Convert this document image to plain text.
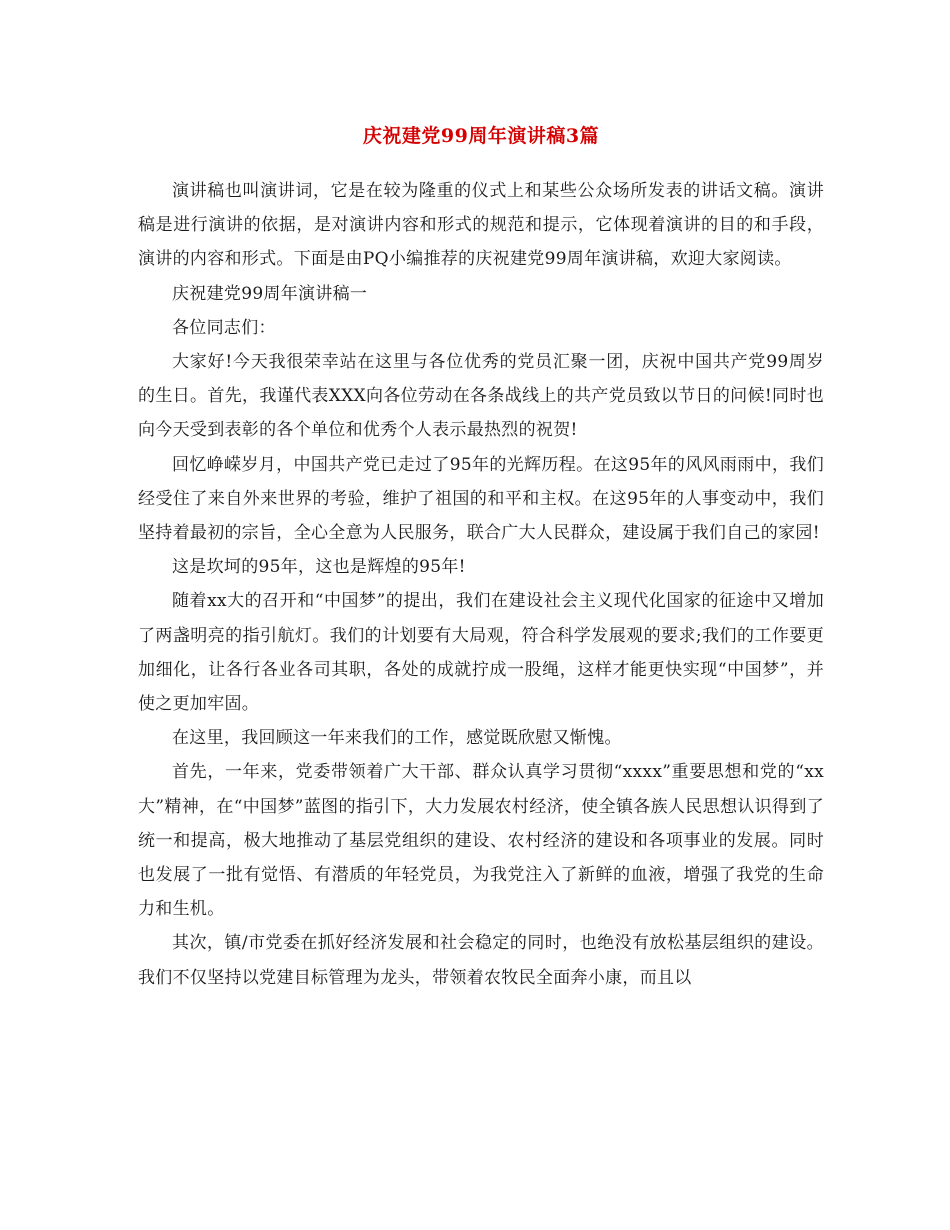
庆祝建党99周年演讲稿3篇

演讲稿也叫演讲词，它是在较为隆重的仪式上和某些公众场所发表的讲话文稿。演讲稿是进行演讲的依据，是对演讲内容和形式的规范和提示，它体现着演讲的目的和手段，演讲的内容和形式。下面是由PQ小编推荐的庆祝建党99周年演讲稿，欢迎大家阅读。

庆祝建党99周年演讲稿一

各位同志们：

大家好!今天我很荣幸站在这里与各位优秀的党员汇聚一团，庆祝中国共产党99周岁的生日。首先，我谨代表XXX向各位劳动在各条战线上的共产党员致以节日的问候!同时也向今天受到表彰的各个单位和优秀个人表示最热烈的祝贺!

回忆峥嵘岁月，中国共产党已走过了95年的光辉历程。在这95年的风风雨雨中，我们经受住了来自外来世界的考验，维护了祖国的和平和主权。在这95年的人事变动中，我们坚持着最初的宗旨，全心全意为人民服务，联合广大人民群众，建设属于我们自己的家园!

这是坎坷的95年，这也是辉煌的95年!

随着xx大的召开和“中国梦”的提出，我们在建设社会主义现代化国家的征途中又增加了两盏明亮的指引航灯。我们的计划要有大局观，符合科学发展观的要求;我们的工作要更加细化，让各行各业各司其职，各处的成就拧成一股绳，这样才能更快实现“中国梦”，并使之更加牢固。

在这里，我回顾这一年来我们的工作，感觉既欣慰又惭愧。

首先，一年来，党委带领着广大干部、群众认真学习贯彻“xxxx”重要思想和党的“xx大”精神，在“中国梦”蓝图的指引下，大力发展农村经济，使全镇各族人民思想认识得到了统一和提高，极大地推动了基层党组织的建设、农村经济的建设和各项事业的发展。同时也发展了一批有觉悟、有潜质的年轻党员，为我党注入了新鲜的血液，增强了我党的生命力和生机。

其次，镇/市党委在抓好经济发展和社会稳定的同时，也绝没有放松基层组织的建设。我们不仅坚持以党建目标管理为龙头，带领着农牧民全面奔小康，而且以
